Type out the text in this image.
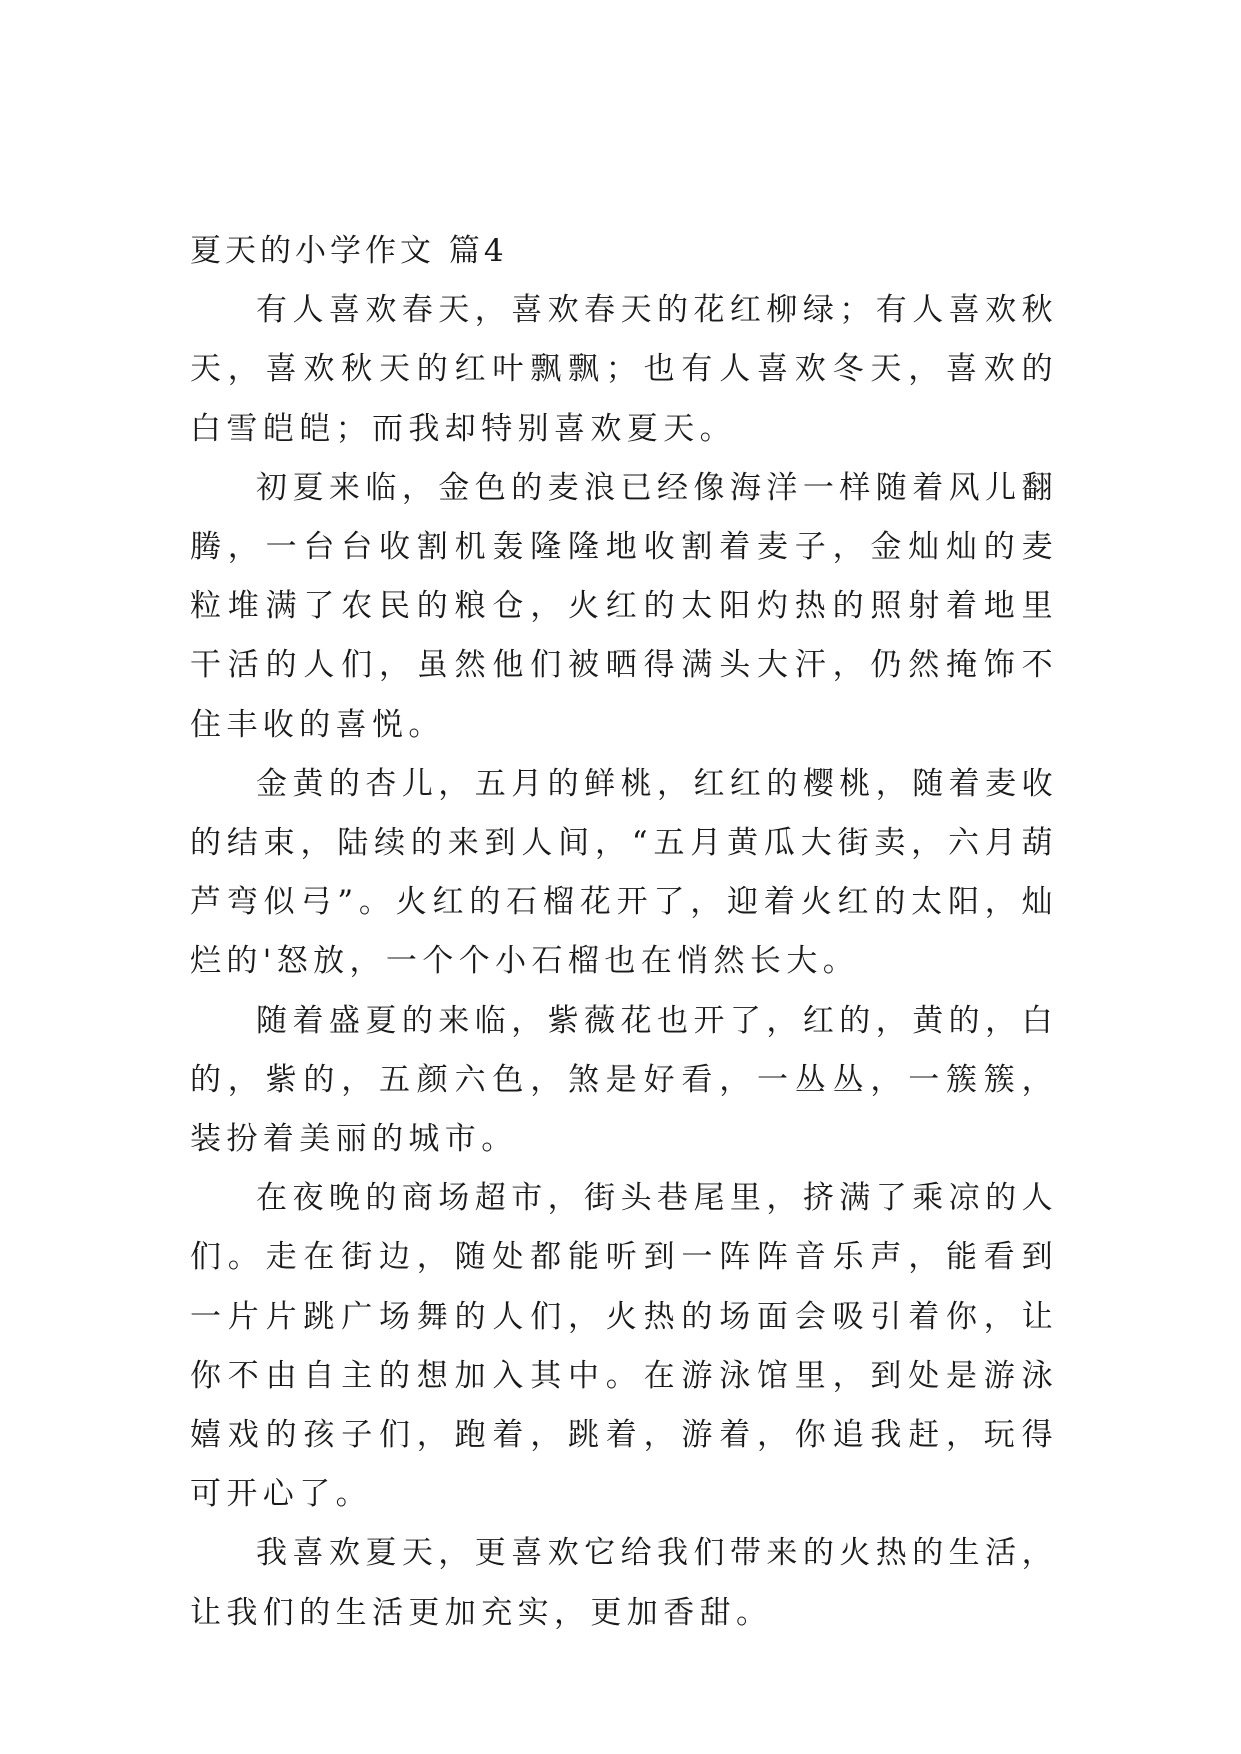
夏天的小学作文 篇4

有人喜欢春天，喜欢春天的花红柳绿；有人喜欢秋天，喜欢秋天的红叶飘飘；也有人喜欢冬天，喜欢的白雪皑皑；而我却特别喜欢夏天。

初夏来临，金色的麦浪已经像海洋一样随着风儿翻腾，一台台收割机轰隆隆地收割着麦子，金灿灿的麦粒堆满了农民的粮仓，火红的太阳灼热的照射着地里干活的人们，虽然他们被晒得满头大汗，仍然掩饰不住丰收的喜悦。

金黄的杏儿，五月的鲜桃，红红的樱桃，随着麦收的结束，陆续的来到人间，“五月黄瓜大街卖，六月葫芦弯似弓”。火红的石榴花开了，迎着火红的太阳，灿烂的'怒放，一个个小石榴也在悄然长大。

随着盛夏的来临，紫薇花也开了，红的，黄的，白的，紫的，五颜六色，煞是好看，一丛丛，一簇簇，装扮着美丽的城市。

在夜晚的商场超市，街头巷尾里，挤满了乘凉的人们。走在街边，随处都能听到一阵阵音乐声，能看到一片片跳广场舞的人们，火热的场面会吸引着你，让你不由自主的想加入其中。在游泳馆里，到处是游泳嬉戏的孩子们，跑着，跳着，游着，你追我赶，玩得可开心了。

我喜欢夏天，更喜欢它给我们带来的火热的生活，让我们的生活更加充实，更加香甜。
